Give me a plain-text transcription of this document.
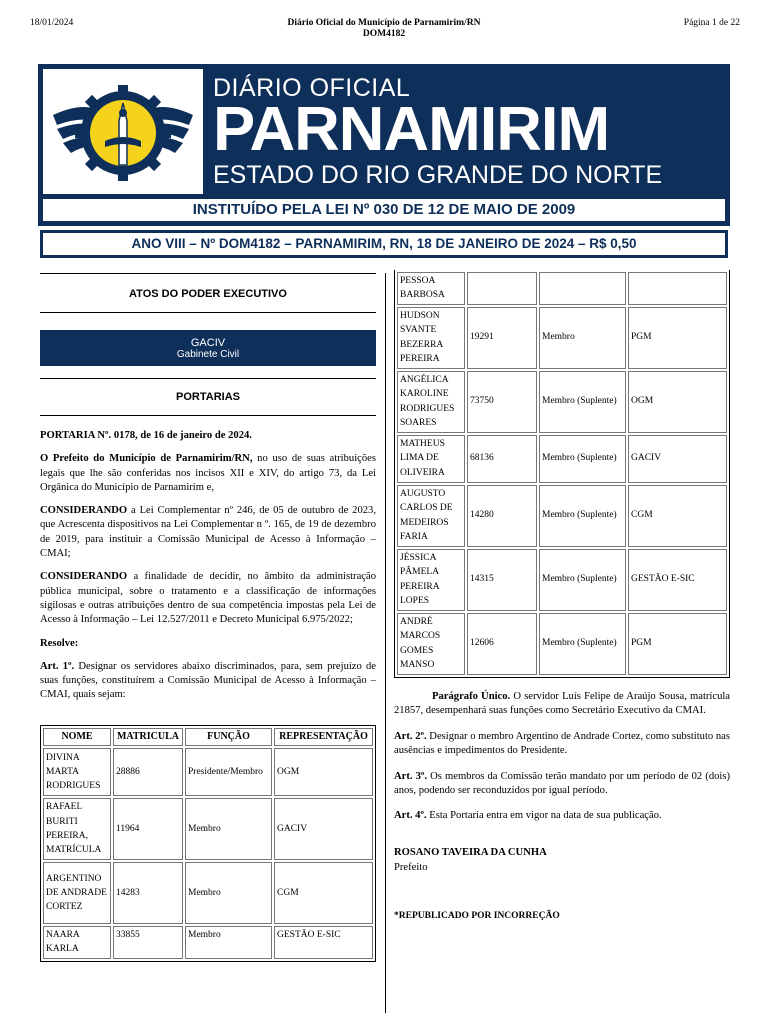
18/01/2024	Diário Oficial do Município de Parnamirim/RN
DOM4182
Página 1 de 22
DIÁRIO OFICIAL
PARNAMIRIM
ESTADO DO RIO GRANDE DO NORTE
INSTITUÍDO PELA LEI Nº 030 DE 12 DE MAIO DE 2009
ANO VIII – Nº DOM4182 – PARNAMIRIM, RN, 18 DE JANEIRO DE 2024 – R$ 0,50
ATOS DO PODER EXECUTIVO
GACIV
Gabinete Civil
PORTARIAS

PORTARIA Nº. 0178, de 16 de janeiro de 2024.

O Prefeito do Município de Parnamirim/RN, no uso de suas atribuições legais que lhe são conferidas nos incisos XII e XIV, do artigo 73, da Lei Orgânica do Município de Parnamirim e,

CONSIDERANDO a Lei Complementar nº 246, de 05 de outubro de 2023, que Acrescenta dispositivos na Lei Complementar n º. 165, de 19 de dezembro de 2019, para instituir a Comissão Municipal de Acesso à Informação – CMAI;

CONSIDERANDO a finalidade de decidir, no âmbito da administração pública municipal, sobre o tratamento e a classificação de informações sigilosas e outras atribuições dentro de sua competência impostas pela Lei de Acesso à Informação – Lei 12.527/2011 e Decreto Municipal 6.975/2022;

Resolve:

Art. 1º. Designar os servidores abaixo discriminados, para, sem prejuízo de suas funções, constituírem a Comissão Municipal de Acesso à Informação – CMAI, quais sejam:

NOME	MATRICULA	FUNÇÃO	REPRESENTAÇÃO
DIVINA MARTA RODRIGUES	28886	Presidente/Membro	OGM
RAFAEL BURITI PEREIRA, MATRÍCULA	11964	Membro	GACIV
ARGENTINO DE ANDRADE CORTEZ	14283	Membro	CGM
NAARA KARLA	33855	Membro	GESTÃO E-SIC
PESSOA BARBOSA			
HUDSON SVANTE BEZERRA PEREIRA	19291	Membro	PGM
ANGÉLICA KAROLINE RODRIGUES SOARES	73750	Membro (Suplente)	OGM
MATHEUS LIMA DE OLIVEIRA	68136	Membro (Suplente)	GACIV
AUGUSTO CARLOS DE MEDEIROS FARIA	14280	Membro (Suplente)	CGM
JÉSSICA PÂMELA PEREIRA LOPES	14315	Membro (Suplente)	GESTÃO E-SIC
ANDRÉ MARCOS GOMES MANSO	12606	Membro (Suplente)	PGM

Parágrafo Único. O servidor Luís Felipe de Araújo Sousa, matrícula 21857, desempenhará suas funções como Secretário Executivo da CMAI.

Art. 2º. Designar o membro Argentino de Andrade Cortez, como substituto nas ausências e impedimentos do Presidente.

Art. 3º. Os membros da Comissão terão mandato por um período de 02 (dois) anos, podendo ser reconduzidos por igual período.

Art. 4º. Esta Portaria entra em vigor na data de sua publicação.

ROSANO TAVEIRA DA CUNHA

Prefeito

*REPUBLICADO POR INCORREÇÃO
